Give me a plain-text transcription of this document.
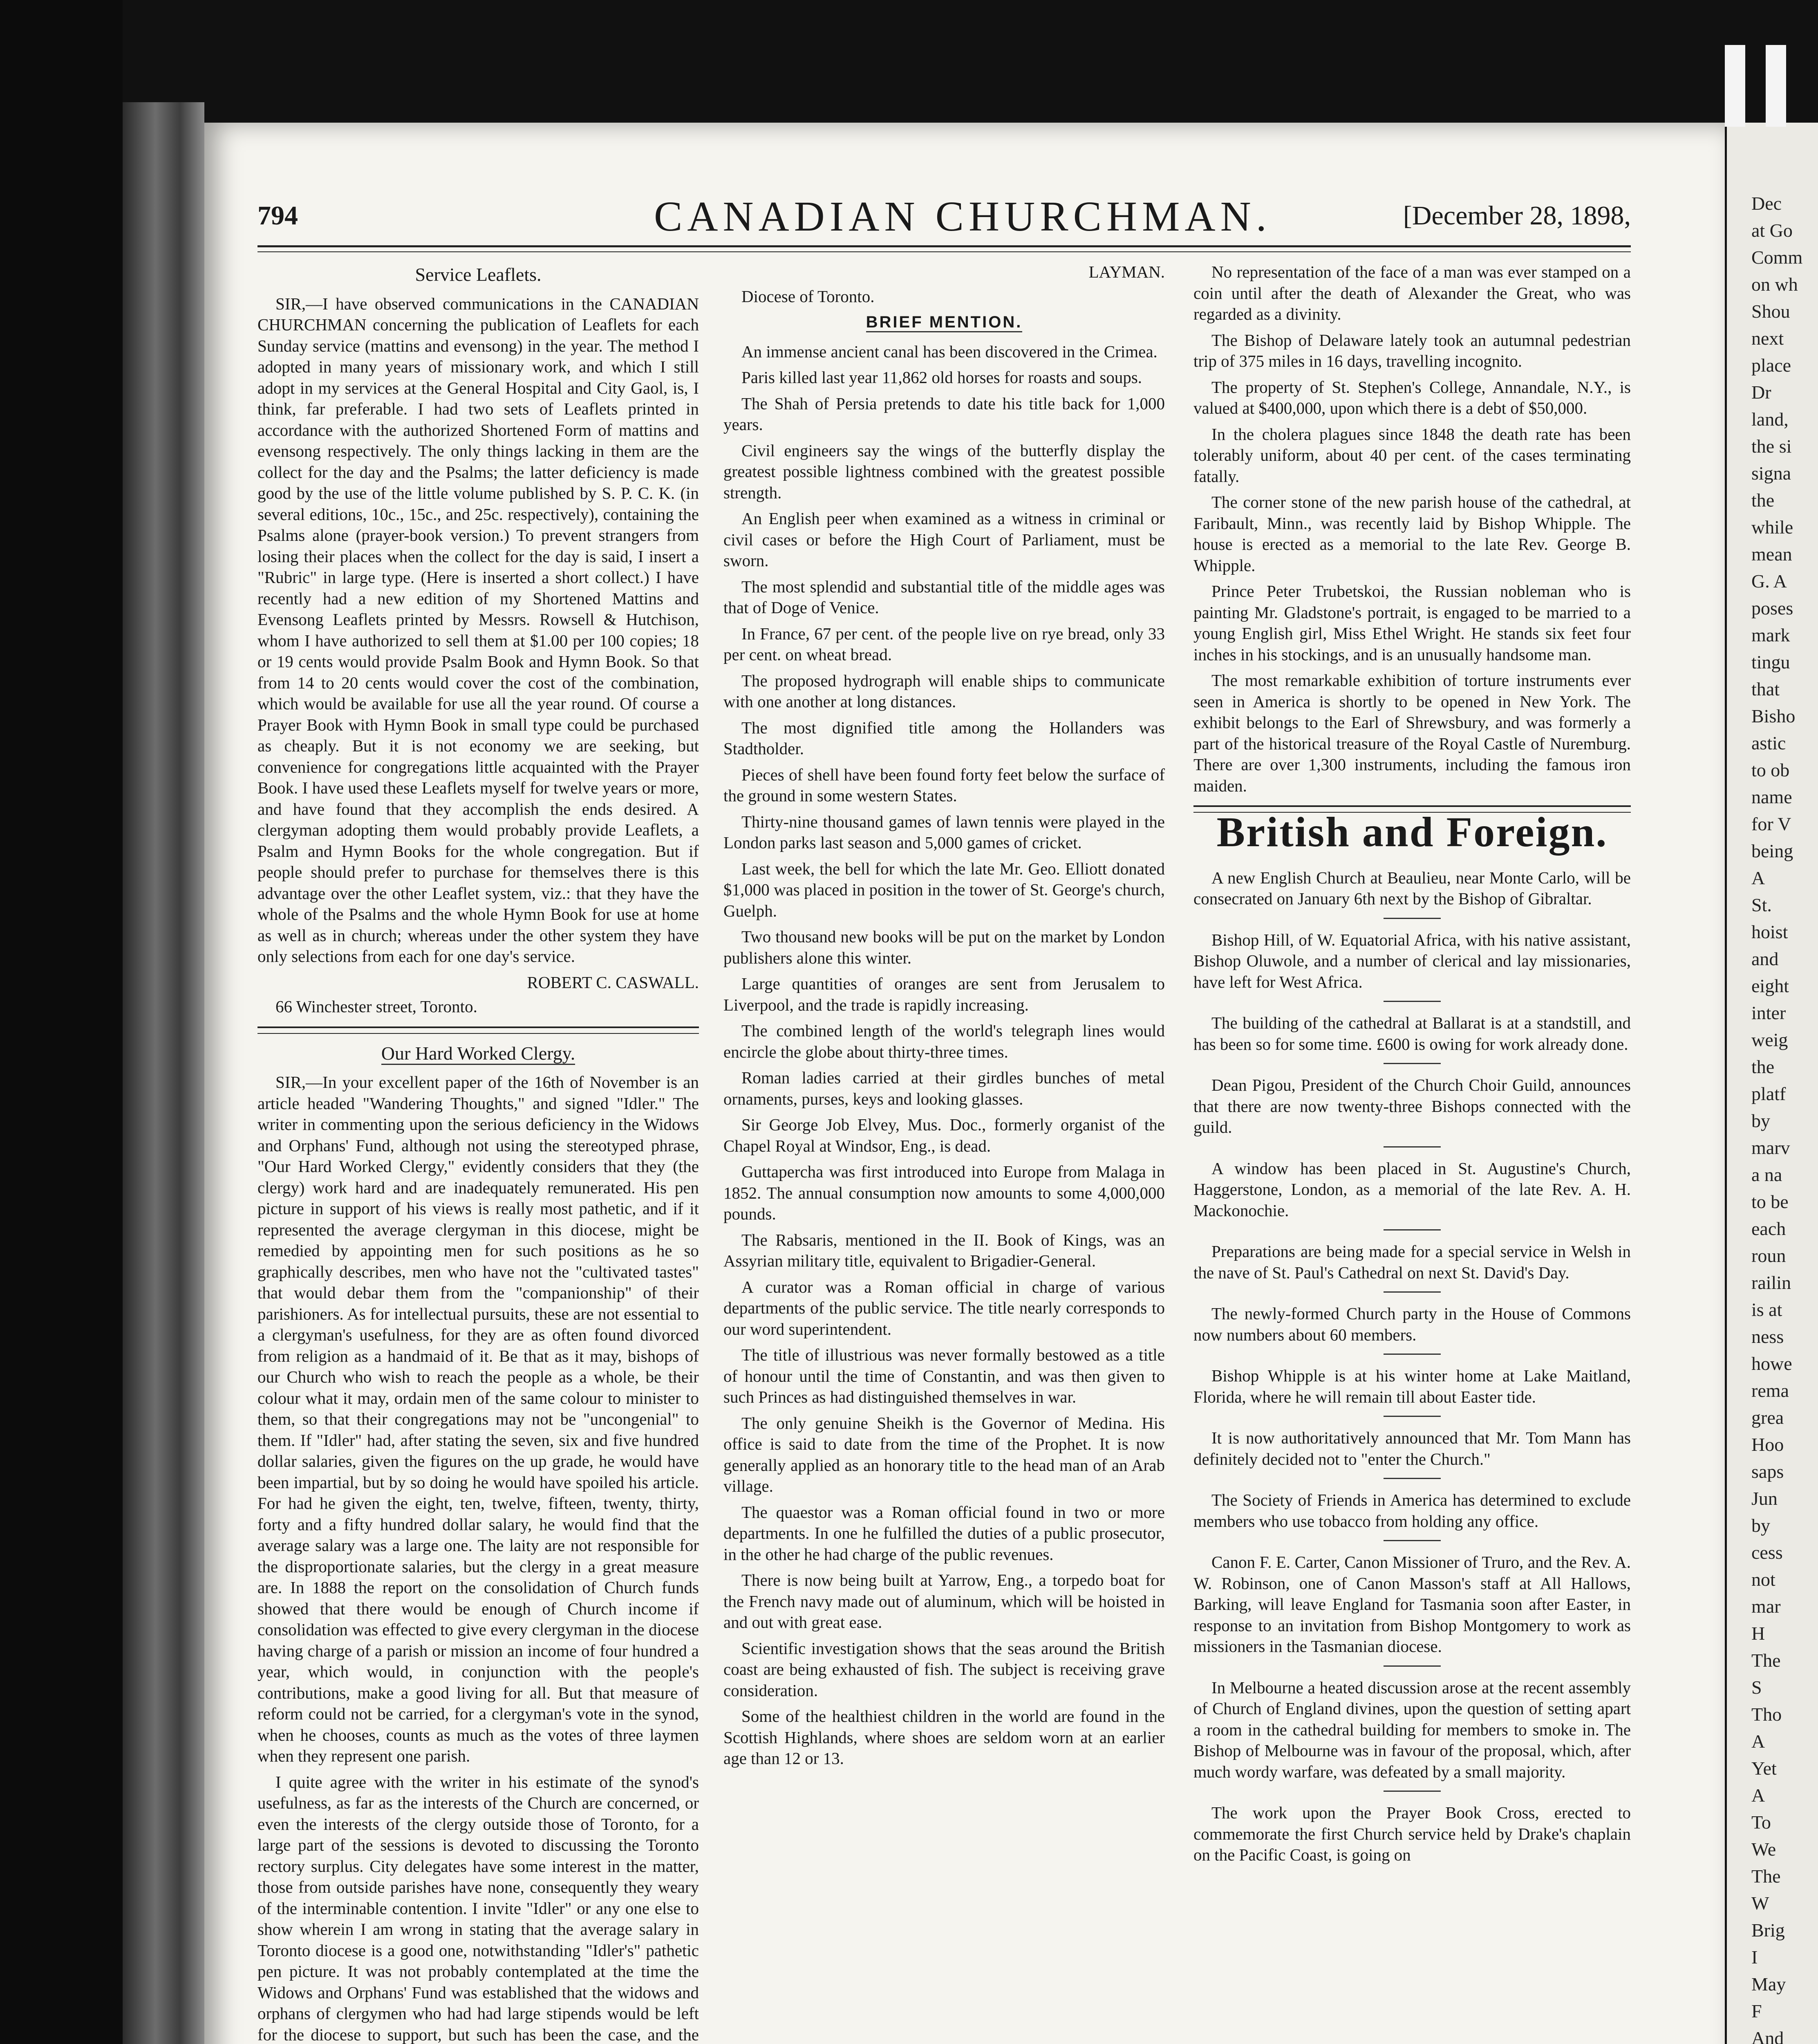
Dec
at Go
Comm
on wh
Shou
next
place
Dr
land,
the si
signa
the
while
mean
G. A
poses
mark
tingu
that
Bisho
astic
to ob
name
for V
being
A
St.
hoist
and
eight
inter
weig
the
platf
by
marv
a na
to be
each
roun
railin
is at
ness
howe
rema
grea
Hoo
saps
Jun
by
cess
not
mar
H
The
S
Tho
A
Yet
A
To
We
The
W
Brig
I
May
F
And
794	CANADIAN CHURCHMAN.	[December 28, 1898,
Service Leaflets.

SIR,—I have observed communications in the CANADIAN CHURCHMAN concerning the publication of Leaflets for each Sunday service (mattins and evensong) in the year. The method I adopted in many years of missionary work, and which I still adopt in my services at the General Hospital and City Gaol, is, I think, far preferable. I had two sets of Leaflets printed in accordance with the authorized Shortened Form of mattins and evensong respectively. The only things lacking in them are the collect for the day and the Psalms; the latter deficiency is made good by the use of the little volume published by S. P. C. K. (in several editions, 10c., 15c., and 25c. respectively), containing the Psalms alone (prayer-book version.) To prevent strangers from losing their places when the collect for the day is said, I insert a "Rubric" in large type. (Here is inserted a short collect.) I have recently had a new edition of my Shortened Mattins and Evensong Leaflets printed by Messrs. Rowsell & Hutchison, whom I have authorized to sell them at $1.00 per 100 copies; 18 or 19 cents would provide Psalm Book and Hymn Book. So that from 14 to 20 cents would cover the cost of the combination, which would be available for use all the year round. Of course a Prayer Book with Hymn Book in small type could be purchased as cheaply. But it is not economy we are seeking, but convenience for congregations little acquainted with the Prayer Book. I have used these Leaflets myself for twelve years or more, and have found that they accomplish the ends desired. A clergyman adopting them would probably provide Leaflets, a Psalm and Hymn Books for the whole congregation. But if people should prefer to purchase for themselves there is this advantage over the other Leaflet system, viz.: that they have the whole of the Psalms and the whole Hymn Book for use at home as well as in church; whereas under the other system they have only selections from each for one day's service.

ROBERT C. CASWALL.

66 Winchester street, Toronto.

Our Hard Worked Clergy.

SIR,—In your excellent paper of the 16th of November is an article headed "Wandering Thoughts," and signed "Idler." The writer in commenting upon the serious deficiency in the Widows and Orphans' Fund, although not using the stereotyped phrase, "Our Hard Worked Clergy," evidently considers that they (the clergy) work hard and are inadequately remunerated. His pen picture in support of his views is really most pathetic, and if it represented the average clergyman in this diocese, might be remedied by appointing men for such positions as he so graphically describes, men who have not the "cultivated tastes" that would debar them from the "companionship" of their parishioners. As for intellectual pursuits, these are not essential to a clergyman's usefulness, for they are as often found divorced from religion as a handmaid of it. Be that as it may, bishops of our Church who wish to reach the people as a whole, be their colour what it may, ordain men of the same colour to minister to them, so that their congregations may not be "uncongenial" to them. If "Idler" had, after stating the seven, six and five hundred dollar salaries, given the figures on the up grade, he would have been impartial, but by so doing he would have spoiled his article. For had he given the eight, ten, twelve, fifteen, twenty, thirty, forty and a fifty hundred dollar salary, he would find that the average salary was a large one. The laity are not responsible for the disproportionate salaries, but the clergy in a great measure are. In 1888 the report on the consolidation of Church funds showed that there would be enough of Church income if consolidation was effected to give every clergyman in the diocese having charge of a parish or mission an income of four hundred a year, which would, in conjunction with the people's contributions, make a good living for all. But that measure of reform could not be carried, for a clergyman's vote in the synod, when he chooses, counts as much as the votes of three laymen when they represent one parish.

I quite agree with the writer in his estimate of the synod's usefulness, as far as the interests of the Church are concerned, or even the interests of the clergy outside those of Toronto, for a large part of the sessions is devoted to discussing the Toronto rectory surplus. City delegates have some interest in the matter, those from outside parishes have none, consequently they weary of the interminable contention. I invite "Idler" or any one else to show wherein I am wrong in stating that the average salary in Toronto diocese is a good one, notwithstanding "Idler's" pathetic pen picture. It was not probably contemplated at the time the Widows and Orphans' Fund was established that the widows and orphans of clergymen who had had large stipends would be left for the diocese to support, but such has been the case, and the

LAYMAN.

Diocese of Toronto.

BRIEF MENTION.

An immense ancient canal has been discovered in the Crimea.

Paris killed last year 11,862 old horses for roasts and soups.

The Shah of Persia pretends to date his title back for 1,000 years.

Civil engineers say the wings of the butterfly display the greatest possible lightness combined with the greatest possible strength.

An English peer when examined as a witness in criminal or civil cases or before the High Court of Parliament, must be sworn.

The most splendid and substantial title of the middle ages was that of Doge of Venice.

In France, 67 per cent. of the people live on rye bread, only 33 per cent. on wheat bread.

The proposed hydrograph will enable ships to communicate with one another at long distances.

The most dignified title among the Hollanders was Stadtholder.

Pieces of shell have been found forty feet below the surface of the ground in some western States.

Thirty-nine thousand games of lawn tennis were played in the London parks last season and 5,000 games of cricket.

Last week, the bell for which the late Mr. Geo. Elliott donated $1,000 was placed in position in the tower of St. George's church, Guelph.

Two thousand new books will be put on the market by London publishers alone this winter.

Large quantities of oranges are sent from Jerusalem to Liverpool, and the trade is rapidly increasing.

The combined length of the world's telegraph lines would encircle the globe about thirty-three times.

Roman ladies carried at their girdles bunches of metal ornaments, purses, keys and looking glasses.

Sir George Job Elvey, Mus. Doc., formerly organist of the Chapel Royal at Windsor, Eng., is dead.

Guttapercha was first introduced into Europe from Malaga in 1852. The annual consumption now amounts to some 4,000,000 pounds.

The Rabsaris, mentioned in the II. Book of Kings, was an Assyrian military title, equivalent to Brigadier-General.

A curator was a Roman official in charge of various departments of the public service. The title nearly corresponds to our word superintendent.

The title of illustrious was never formally bestowed as a title of honour until the time of Constantin, and was then given to such Princes as had distinguished themselves in war.

The only genuine Sheikh is the Governor of Medina. His office is said to date from the time of the Prophet. It is now generally applied as an honorary title to the head man of an Arab village.

The quaestor was a Roman official found in two or more departments. In one he fulfilled the duties of a public prosecutor, in the other he had charge of the public revenues.

There is now being built at Yarrow, Eng., a torpedo boat for the French navy made out of aluminum, which will be hoisted in and out with great ease.

Scientific investigation shows that the seas around the British coast are being exhausted of fish. The subject is receiving grave consideration.

Some of the healthiest children in the world are found in the Scottish Highlands, where shoes are seldom worn at an earlier age than 12 or 13.

No representation of the face of a man was ever stamped on a coin until after the death of Alexander the Great, who was regarded as a divinity.

The Bishop of Delaware lately took an autumnal pedestrian trip of 375 miles in 16 days, travelling incognito.

The property of St. Stephen's College, Annandale, N.Y., is valued at $400,000, upon which there is a debt of $50,000.

In the cholera plagues since 1848 the death rate has been tolerably uniform, about 40 per cent. of the cases terminating fatally.

The corner stone of the new parish house of the cathedral, at Faribault, Minn., was recently laid by Bishop Whipple. The house is erected as a memorial to the late Rev. George B. Whipple.

Prince Peter Trubetskoi, the Russian nobleman who is painting Mr. Gladstone's portrait, is engaged to be married to a young English girl, Miss Ethel Wright. He stands six feet four inches in his stockings, and is an unusually handsome man.

The most remarkable exhibition of torture instruments ever seen in America is shortly to be opened in New York. The exhibit belongs to the Earl of Shrewsbury, and was formerly a part of the historical treasure of the Royal Castle of Nuremburg. There are over 1,300 instruments, including the famous iron maiden.

British and Foreign.

A new English Church at Beaulieu, near Monte Carlo, will be consecrated on January 6th next by the Bishop of Gibraltar.

Bishop Hill, of W. Equatorial Africa, with his native assistant, Bishop Oluwole, and a number of clerical and lay missionaries, have left for West Africa.

The building of the cathedral at Ballarat is at a standstill, and has been so for some time. £600 is owing for work already done.

Dean Pigou, President of the Church Choir Guild, announces that there are now twenty-three Bishops connected with the guild.

A window has been placed in St. Augustine's Church, Haggerstone, London, as a memorial of the late Rev. A. H. Mackonochie.

Preparations are being made for a special service in Welsh in the nave of St. Paul's Cathedral on next St. David's Day.

The newly-formed Church party in the House of Commons now numbers about 60 members.

Bishop Whipple is at his winter home at Lake Maitland, Florida, where he will remain till about Easter tide.

It is now authoritatively announced that Mr. Tom Mann has definitely decided not to "enter the Church."

The Society of Friends in America has determined to exclude members who use tobacco from holding any office.

Canon F. E. Carter, Canon Missioner of Truro, and the Rev. A. W. Robinson, one of Canon Masson's staff at All Hallows, Barking, will leave England for Tasmania soon after Easter, in response to an invitation from Bishop Montgomery to work as missioners in the Tasmanian diocese.

In Melbourne a heated discussion arose at the recent assembly of Church of England divines, upon the question of setting apart a room in the cathedral building for members to smoke in. The Bishop of Melbourne was in favour of the proposal, which, after much wordy warfare, was defeated by a small majority.

The work upon the Prayer Book Cross, erected to commemorate the first Church service held by Drake's chaplain on the Pacific Coast, is going on
